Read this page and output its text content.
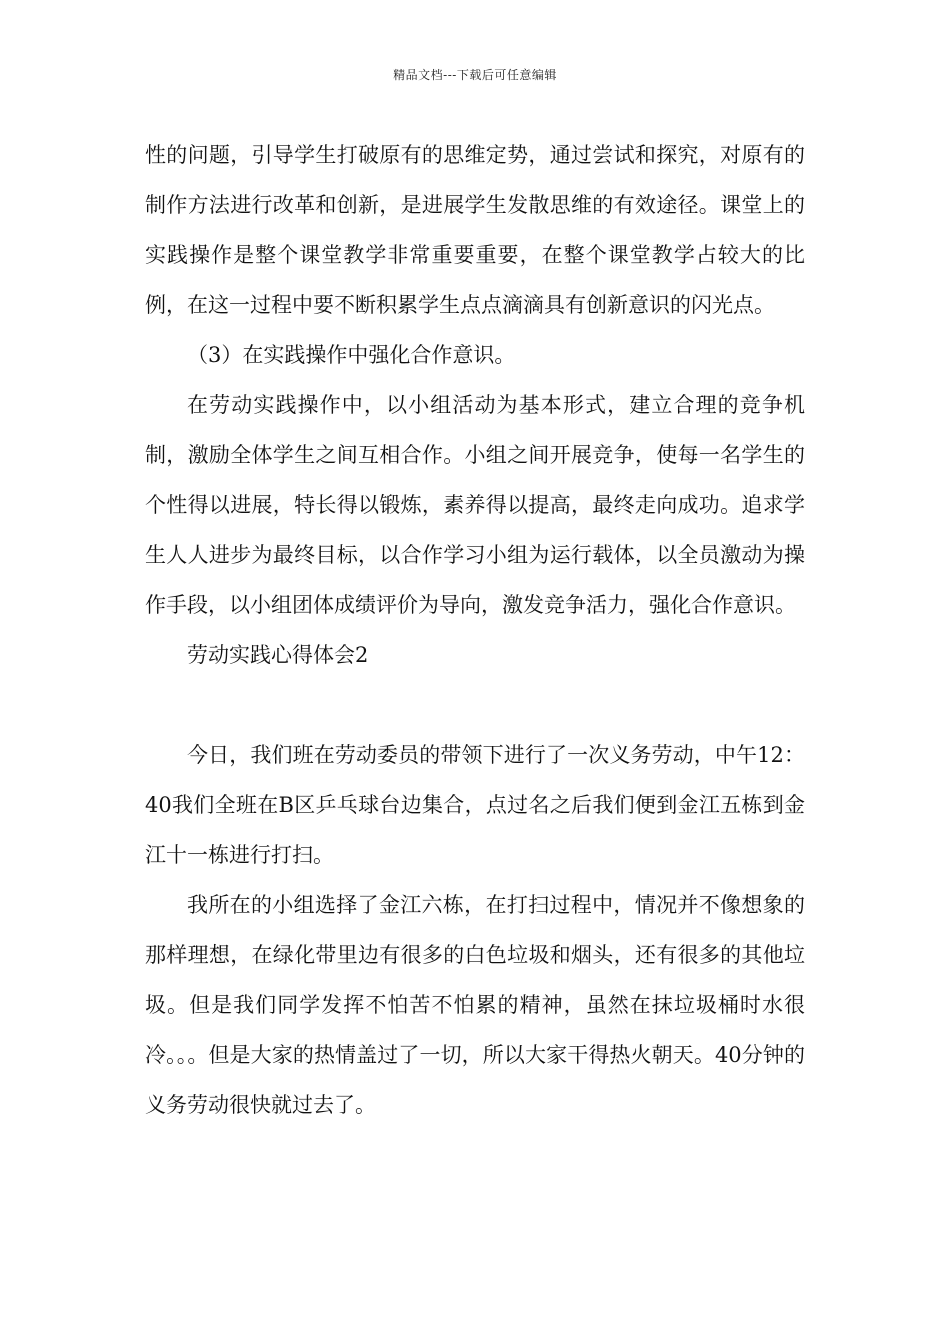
精品文档---下载后可任意编辑

性的问题，引导学生打破原有的思维定势，通过尝试和探究，对原有的制作方法进行改革和创新，是进展学生发散思维的有效途径。课堂上的实践操作是整个课堂教学非常重要重要，在整个课堂教学占较大的比例，在这一过程中要不断积累学生点点滴滴具有创新意识的闪光点。

（3）在实践操作中强化合作意识。

在劳动实践操作中，以小组活动为基本形式，建立合理的竞争机制，激励全体学生之间互相合作。小组之间开展竞争，使每一名学生的个性得以进展，特长得以锻炼，素养得以提高，最终走向成功。追求学生人人进步为最终目标，以合作学习小组为运行载体，以全员激动为操作手段，以小组团体成绩评价为导向，激发竞争活力，强化合作意识。

劳动实践心得体会2

今日，我们班在劳动委员的带领下进行了一次义务劳动，中午12：40我们全班在B区乒乓球台边集合，点过名之后我们便到金江五栋到金江十一栋进行打扫。

我所在的小组选择了金江六栋，在打扫过程中，情况并不像想象的那样理想，在绿化带里边有很多的白色垃圾和烟头，还有很多的其他垃圾。但是我们同学发挥不怕苦不怕累的精神，虽然在抹垃圾桶时水很冷。。。但是大家的热情盖过了一切，所以大家干得热火朝天。40分钟的义务劳动很快就过去了。
